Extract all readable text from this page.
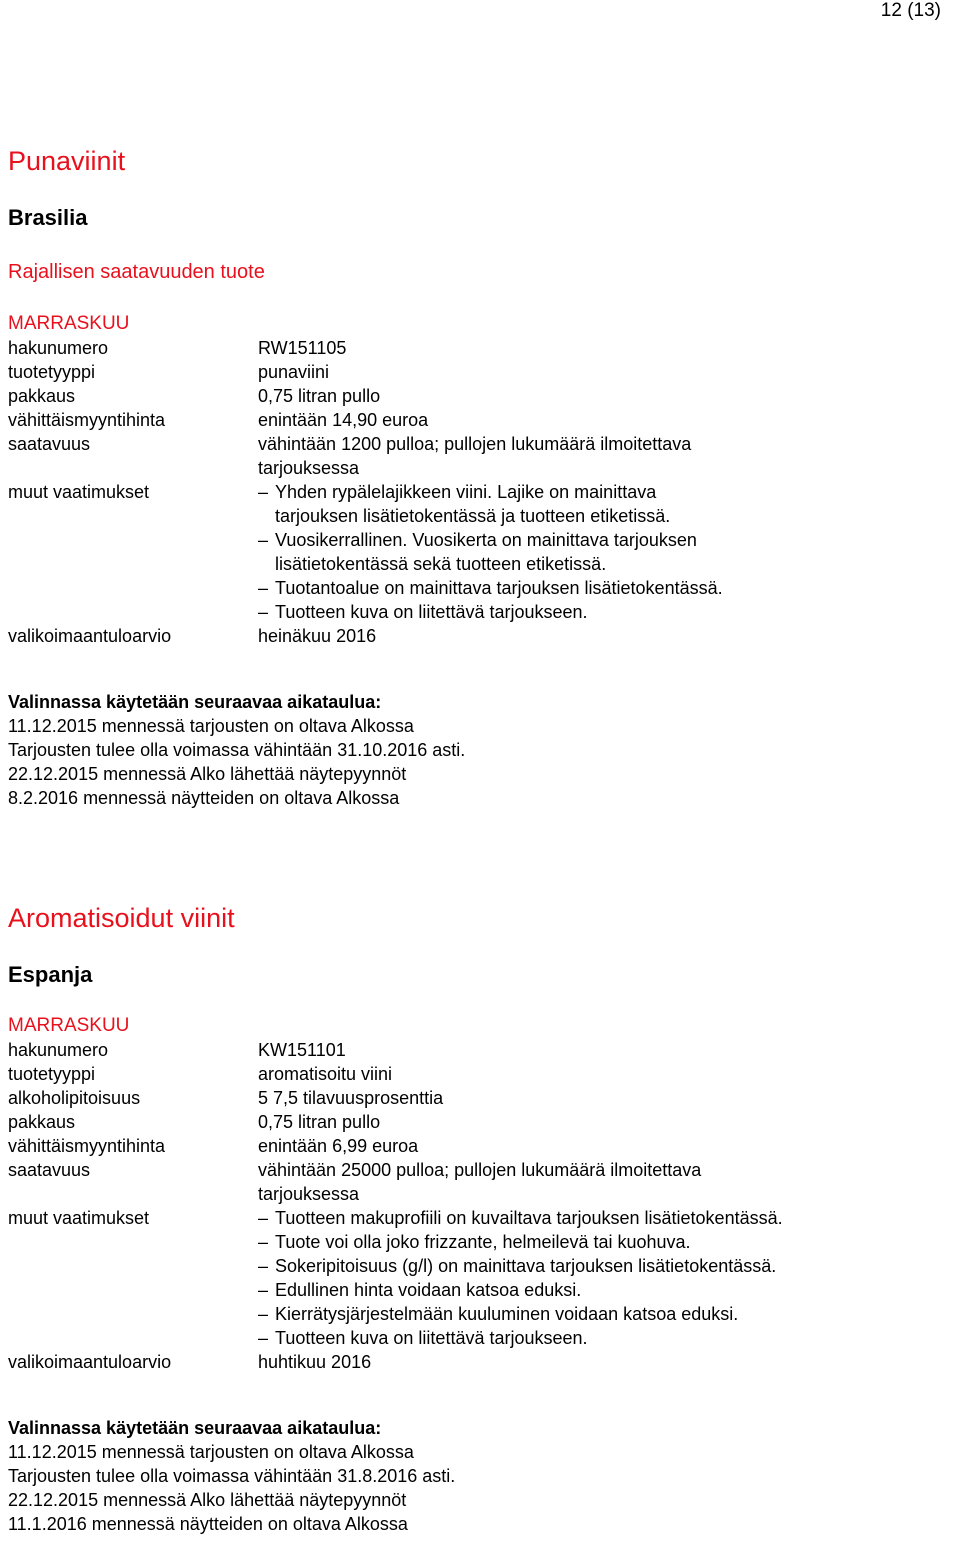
12 (13)
Punaviinit
Brasilia
Rajallisen saatavuuden tuote
MARRASKUU
hakunumero	RW151105
tuotetyyppi	punaviini
pakkaus	0,75 litran pullo
vähittäismyyntihinta	enintään 14,90 euroa
saatavuus	vähintään 1200 pulloa; pullojen lukumäärä ilmoitettava tarjouksessa
muut vaatimukset	– Yhden rypälelajikkeen viini. Lajike on mainittava tarjouksen lisätietokentässä ja tuotteen etiketissä.
– Vuosikerrallinen. Vuosikerta on mainittava tarjouksen lisätietokentässä sekä tuotteen etiketissä.
– Tuotantoalue on mainittava tarjouksen lisätietokentässä.
– Tuotteen kuva on liitettävä tarjoukseen.
valikoimaantuloarvio	heinäkuu 2016
Valinnassa käytetään seuraavaa aikataulua:
11.12.2015 mennessä tarjousten on oltava Alkossa
Tarjousten tulee olla voimassa vähintään 31.10.2016 asti.
22.12.2015 mennessä Alko lähettää näytepyynnöt
8.2.2016 mennessä näytteiden on oltava Alkossa
Aromatisoidut viinit
Espanja
MARRASKUU
hakunumero	KW151101
tuotetyyppi	aromatisoitu viini
alkoholipitoisuus	5 7,5 tilavuusprosenttia
pakkaus	0,75 litran pullo
vähittäismyyntihinta	enintään 6,99 euroa
saatavuus	vähintään 25000 pulloa; pullojen lukumäärä ilmoitettava tarjouksessa
muut vaatimukset	– Tuotteen makuprofiili on kuvailtava tarjouksen lisätietokentässä.
– Tuote voi olla joko frizzante, helmeilevä tai kuohuva.
– Sokeripitoisuus (g/l) on mainittava tarjouksen lisätietokentässä.
– Edullinen hinta voidaan katsoa eduksi.
– Kierrätysjärjestelmään kuuluminen voidaan katsoa eduksi.
– Tuotteen kuva on liitettävä tarjoukseen.
valikoimaantuloarvio	huhtikuu 2016
Valinnassa käytetään seuraavaa aikataulua:
11.12.2015 mennessä tarjousten on oltava Alkossa
Tarjousten tulee olla voimassa vähintään 31.8.2016 asti.
22.12.2015 mennessä Alko lähettää näytepyynnöt
11.1.2016 mennessä näytteiden on oltava Alkossa
